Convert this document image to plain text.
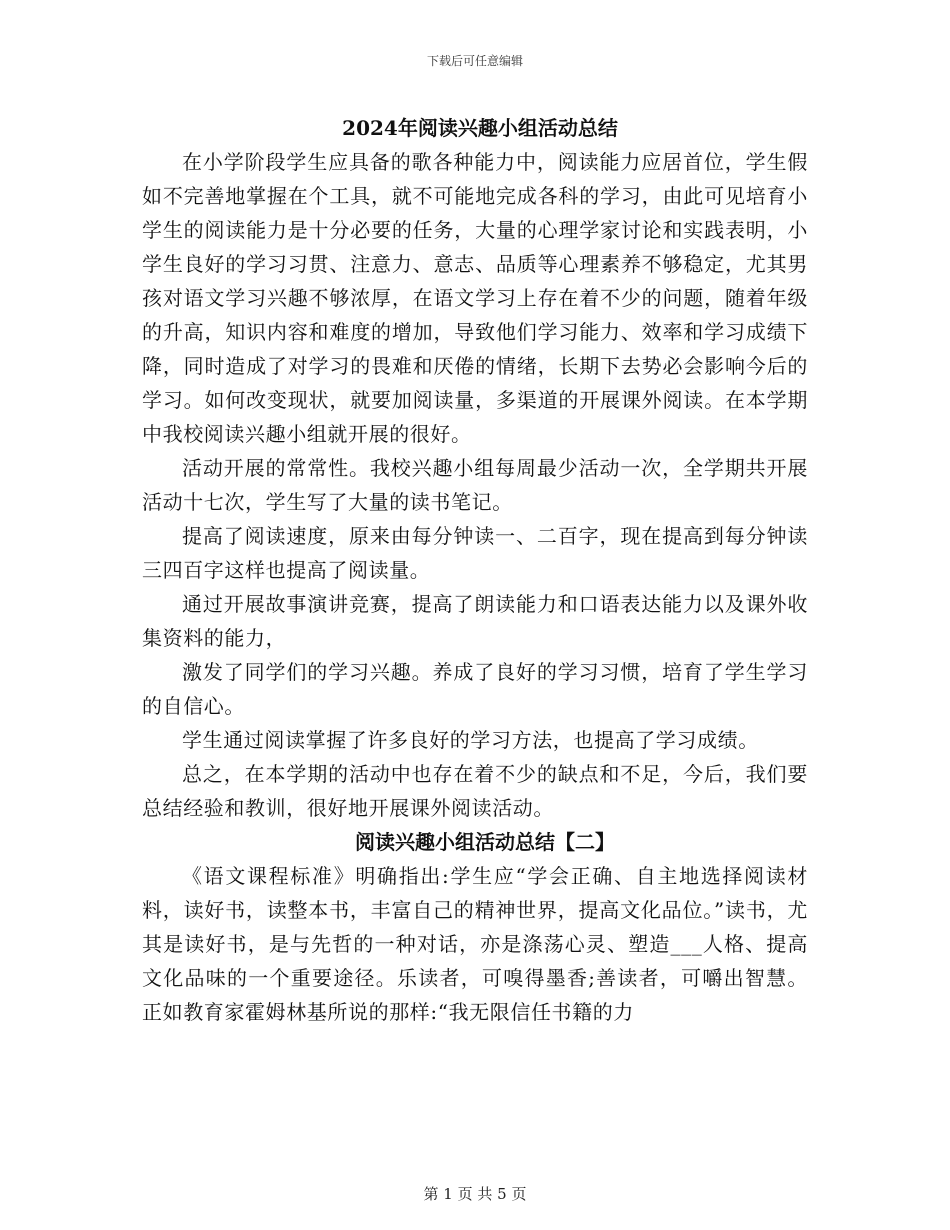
下载后可任意编辑
2024年阅读兴趣小组活动总结

在小学阶段学生应具备的歌各种能力中，阅读能力应居首位，学生假如不完善地掌握在个工具，就不可能地完成各科的学习，由此可见培育小学生的阅读能力是十分必要的任务，大量的心理学家讨论和实践表明，小学生良好的学习习贯、注意力、意志、品质等心理素养不够稳定，尤其男孩对语文学习兴趣不够浓厚，在语文学习上存在着不少的问题，随着年级的升高，知识内容和难度的增加，导致他们学习能力、效率和学习成绩下降，同时造成了对学习的畏难和厌倦的情绪，长期下去势必会影响今后的学习。如何改变现状，就要加阅读量，多渠道的开展课外阅读。在本学期中我校阅读兴趣小组就开展的很好。

活动开展的常常性。我校兴趣小组每周最少活动一次，全学期共开展活动十七次，学生写了大量的读书笔记。

提高了阅读速度，原来由每分钟读一、二百字，现在提高到每分钟读三四百字这样也提高了阅读量。

通过开展故事演讲竞赛，提高了朗读能力和口语表达能力以及课外收集资料的能力，

激发了同学们的学习兴趣。养成了良好的学习习惯，培育了学生学习的自信心。

学生通过阅读掌握了许多良好的学习方法，也提高了学习成绩。

总之，在本学期的活动中也存在着不少的缺点和不足，今后，我们要总结经验和教训，很好地开展课外阅读活动。

阅读兴趣小组活动总结【二】

《语文课程标准》明确指出:学生应“学会正确、自主地选择阅读材料，读好书，读整本书，丰富自己的精神世界，提高文化品位。”读书，尤其是读好书，是与先哲的一种对话，亦是涤荡心灵、塑造___人格、提高文化品味的一个重要途径。乐读者，可嗅得墨香;善读者，可嚼出智慧。正如教育家霍姆林基所说的那样:“我无限信任书籍的力

第 1 页 共 5 页
